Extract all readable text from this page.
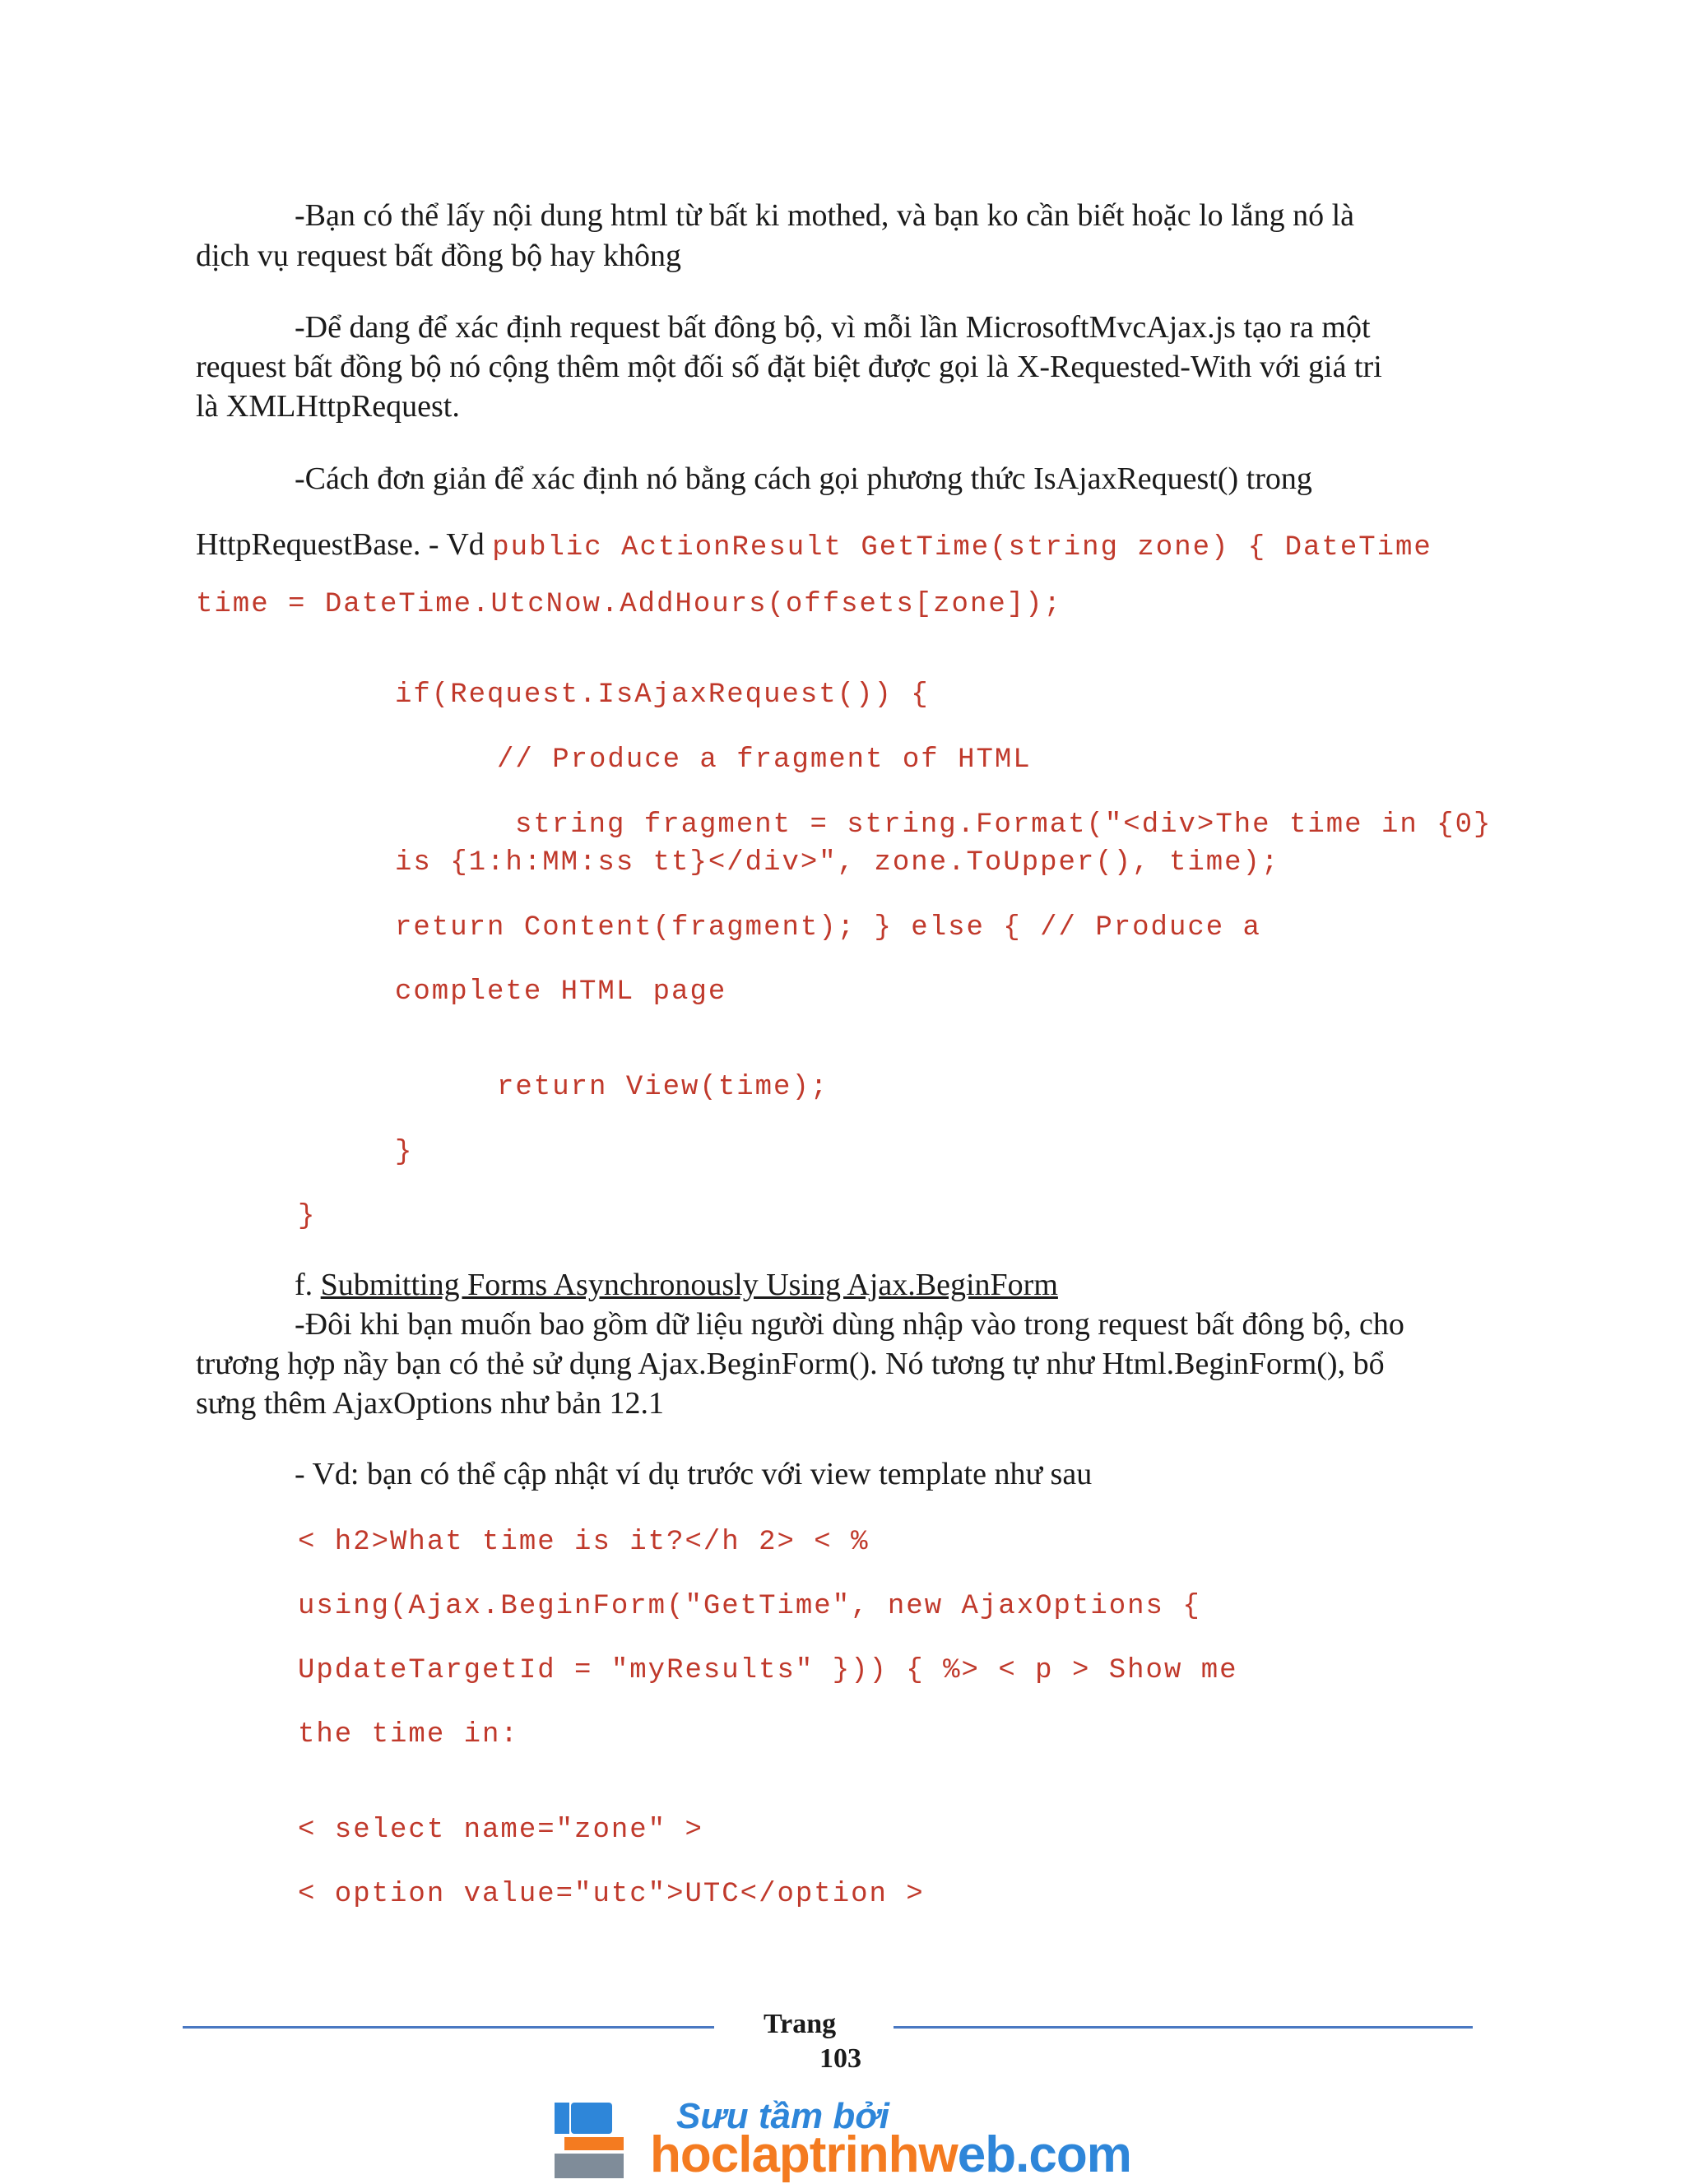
-Bạn có thể lấy nội dung html từ bất ki mothed, và bạn ko cần biết hoặc lo lắng nó là
dịch vụ request bất đồng bộ hay không
-Dể dang để xác định request bất đông bộ, vì mỗi lần MicrosoftMvcAjax.js tạo ra một
request bất đồng bộ nó cộng thêm một đối số đặt biệt được gọi là X-Requested-With với giá tri
là XMLHttpRequest.
-Cách đơn giản để xác định nó bằng cách gọi phương thức IsAjaxRequest() trong
HttpRequestBase. - Vd public ActionResult GetTime(string zone) { DateTime
time = DateTime.UtcNow.AddHours(offsets[zone]);
if(Request.IsAjaxRequest()) {
// Produce a fragment of HTML
string fragment = string.Format("<div>The time in {0}
is {1:h:MM:ss tt}</div>", zone.ToUpper(), time);
return Content(fragment); } else { // Produce a
complete HTML page
return View(time);
}
}
f. Submitting Forms Asynchronously Using Ajax.BeginForm
-Đôi khi bạn muốn bao gồm dữ liệu người dùng nhập vào trong request bất đông bộ, cho
trương hợp nầy bạn có thẻ sử dụng Ajax.BeginForm(). Nó tương tự như Html.BeginForm(), bổ
sưng thêm AjaxOptions như bản 12.1
- Vd: bạn có thể cập nhật ví dụ trước với view template như sau
< h2>What time is it?</h 2> < %
using(Ajax.BeginForm("GetTime", new AjaxOptions {
UpdateTargetId = "myResults" })) { %> < p > Show me
the time in:
< select name="zone" >
< option value="utc">UTC</option >
Trang
103
Sưu tầm bởi
hoclaptrinhweb.com
